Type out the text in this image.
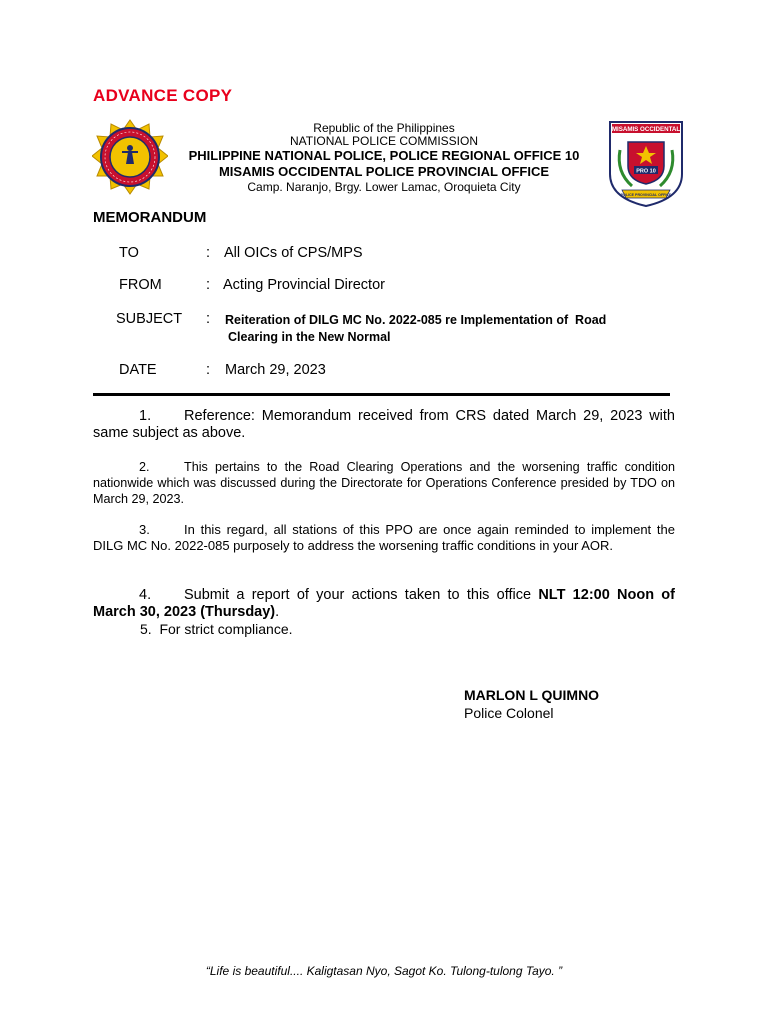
ADVANCE COPY
MISAMIS OCCIDENTAL
PRO 10
POLICE PROVINCIAL OFFICE
Republic of the Philippines
NATIONAL POLICE COMMISSION
PHILIPPINE NATIONAL POLICE, POLICE REGIONAL OFFICE 10
MISAMIS OCCIDENTAL POLICE PROVINCIAL OFFICE
Camp. Naranjo, Brgy. Lower Lamac, Oroquieta City
MEMORANDUM
TO	: All OICs of CPS/MPS
FROM	: Acting Provincial Director
SUBJECT : Reiteration of DILG MC No. 2022-085 re Implementation of  Road
Clearing in the New Normal
DATE	: March 29, 2023
1. Reference: Memorandum received from CRS dated March 29, 2023 with same subject as above.
2.	This pertains to the Road Clearing Operations and the worsening traffic condition nationwide which was discussed during the Directorate for Operations Conference presided by TDO on March 29, 2023.
3.	In this regard, all stations of this PPO are once again reminded to implement the DILG MC No. 2022-085 purposely to address the worsening traffic conditions in your AOR.
4. Submit a report of your actions taken to this office NLT 12:00 Noon of March 30, 2023 (Thursday).
5. For strict compliance.
MARLON L QUIMNO
Police Colonel
“Life is beautiful.... Kaligtasan Nyo, Sagot Ko. Tulong-tulong Tayo. ”
